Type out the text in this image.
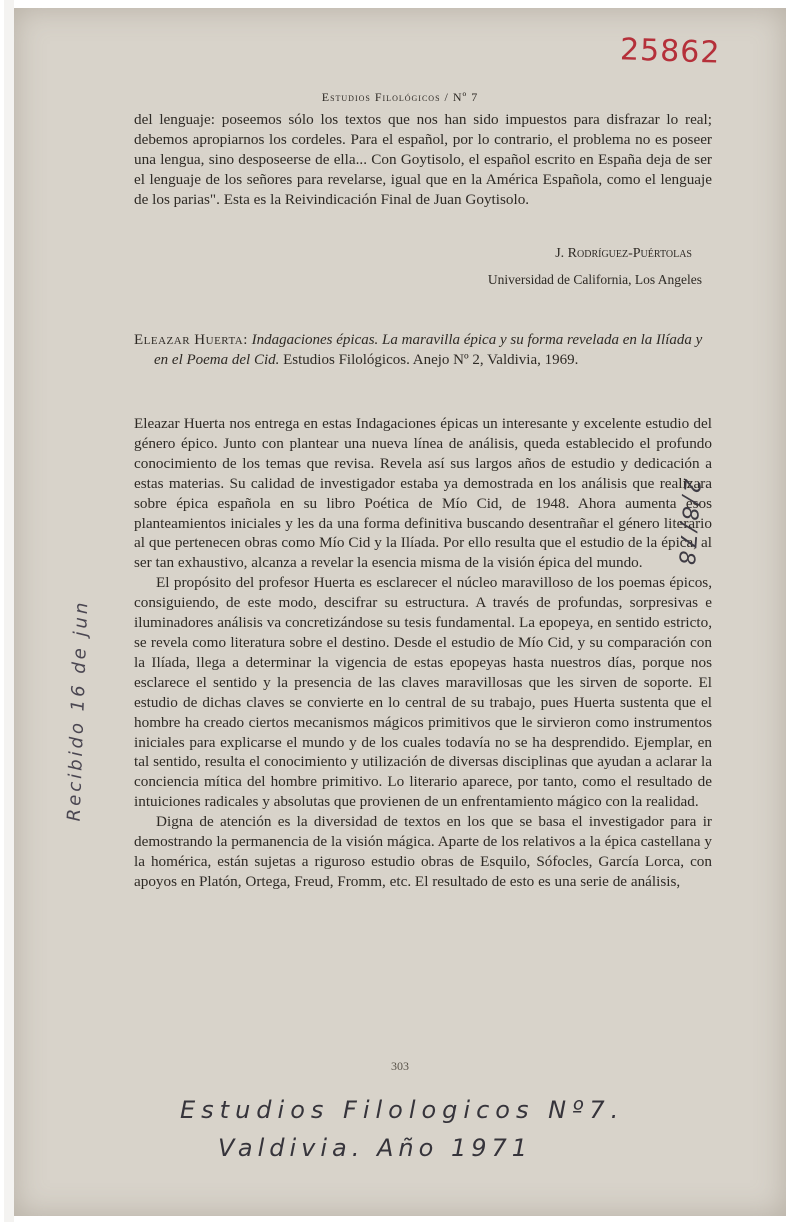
Estudios Filológicos / Nº 7
25862

del lenguaje: poseemos sólo los textos que nos han sido impuestos para disfrazar lo real; debemos apropiarnos los cordeles. Para el español, por lo contrario, el problema no es poseer una lengua, sino desposeerse de ella... Con Goytisolo, el español escrito en España deja de ser el lenguaje de los señores para revelarse, igual que en la América Española, como el lenguaje de los parias". Esta es la Reivindicación Final de Juan Goytisolo.

J. Rodríguez-Puértolas
Universidad de California, Los Angeles

Eleazar Huerta: Indagaciones épicas. La maravilla épica y su forma revelada en la Ilíada y en el Poema del Cid. Estudios Filológicos. Anejo Nº 2, Valdivia, 1969.

Eleazar Huerta nos entrega en estas Indagaciones épicas un interesante y excelente estudio del género épico. Junto con plantear una nueva línea de análisis, queda establecido el profundo conocimiento de los temas que revisa. Revela así sus largos años de estudio y dedicación a estas materias. Su calidad de investigador estaba ya demostrada en los análisis que realizara sobre épica española en su libro Poética de Mío Cid, de 1948. Ahora aumenta esos planteamientos iniciales y les da una forma definitiva buscando desentrañar el género literario al que pertenecen obras como Mío Cid y la Ilíada. Por ello resulta que el estudio de la épica, al ser tan exhaustivo, alcanza a revelar la esencia misma de la visión épica del mundo.

El propósito del profesor Huerta es esclarecer el núcleo maravilloso de los poemas épicos, consiguiendo, de este modo, descifrar su estructura. A través de profundas, sorpresivas e iluminadores análisis va concretizándose su tesis fundamental. La epopeya, en sentido estricto, se revela como literatura sobre el destino. Desde el estudio de Mío Cid, y su comparación con la Ilíada, llega a determinar la vigencia de estas epopeyas hasta nuestros días, porque nos esclarece el sentido y la presencia de las claves maravillosas que les sirven de soporte. El estudio de dichas claves se convierte en lo central de su trabajo, pues Huerta sustenta que el hombre ha creado ciertos mecanismos mágicos primitivos que le sirvieron como instrumentos iniciales para explicarse el mundo y de los cuales todavía no se ha desprendido. Ejemplar, en tal sentido, resulta el conocimiento y utilización de diversas disciplinas que ayudan a aclarar la conciencia mítica del hombre primitivo. Lo literario aparece, por tanto, como el resultado de intuiciones radicales y absolutas que provienen de un enfrentamiento mágico con la realidad.

Digna de atención es la diversidad de textos en los que se basa el investigador para ir demostrando la permanencia de la visión mágica. Aparte de los relativos a la épica castellana y la homérica, están sujetas a riguroso estudio obras de Esquilo, Sófocles, García Lorca, con apoyos en Platón, Ortega, Freud, Fromm, etc. El resultado de esto es una serie de análisis,

303
Recibido 16 de jun
2/8/78
Estudios Filologicos Nº7.
Valdivia. Año 1971
